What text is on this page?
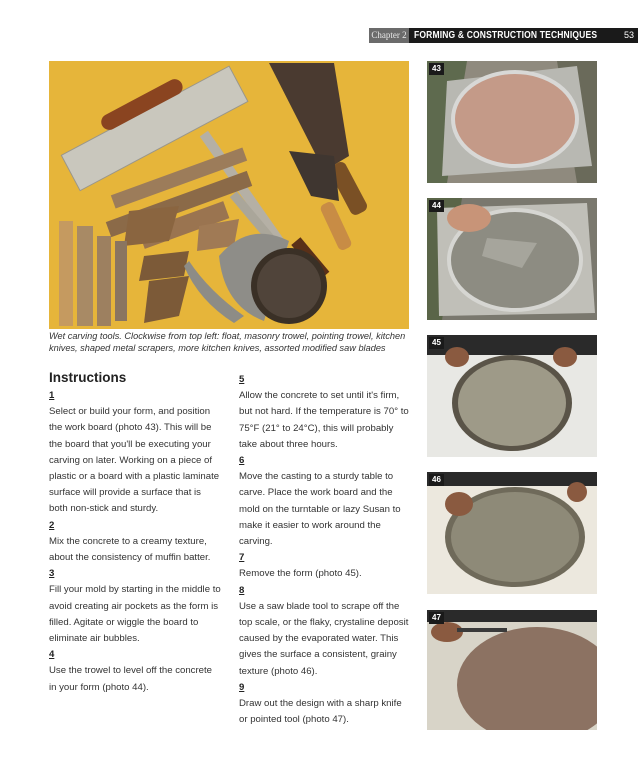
Chapter 2 FORMING & CONSTRUCTION TECHNIQUES	53
Wet carving tools. Clockwise from top left: float, masonry trowel, pointing trowel, kitchen knives, shaped metal scrapers, more kitchen knives, assorted modified saw blades
Instructions
1
Select or build your form, and position the work board (photo 43). This will be the board that you'll be executing your carving on later. Working on a piece of plastic or a board with a plastic laminate surface will provide a surface that is both non-stick and sturdy.
2
Mix the concrete to a creamy texture, about the consistency of muffin batter.
3
Fill your mold by starting in the middle to avoid creating air pockets as the form is filled. Agitate or wiggle the board to eliminate air bubbles.
4
Use the trowel to level off the concrete in your form (photo 44).
5
Allow the concrete to set until it's firm, but not hard. If the temperature is 70° to 75°F (21° to 24°C), this will probably take about three hours.
6
Move the casting to a sturdy table to carve. Place the work board and the mold on the turntable or lazy Susan to make it easier to work around the carving.
7
Remove the form (photo 45).
8
Use a saw blade tool to scrape off the top scale, or the flaky, crystaline deposit caused by the evaporated water. This gives the surface a consistent, grainy texture (photo 46).
9
Draw out the design with a sharp knife or pointed tool (photo 47).
43
44
45
46
47
